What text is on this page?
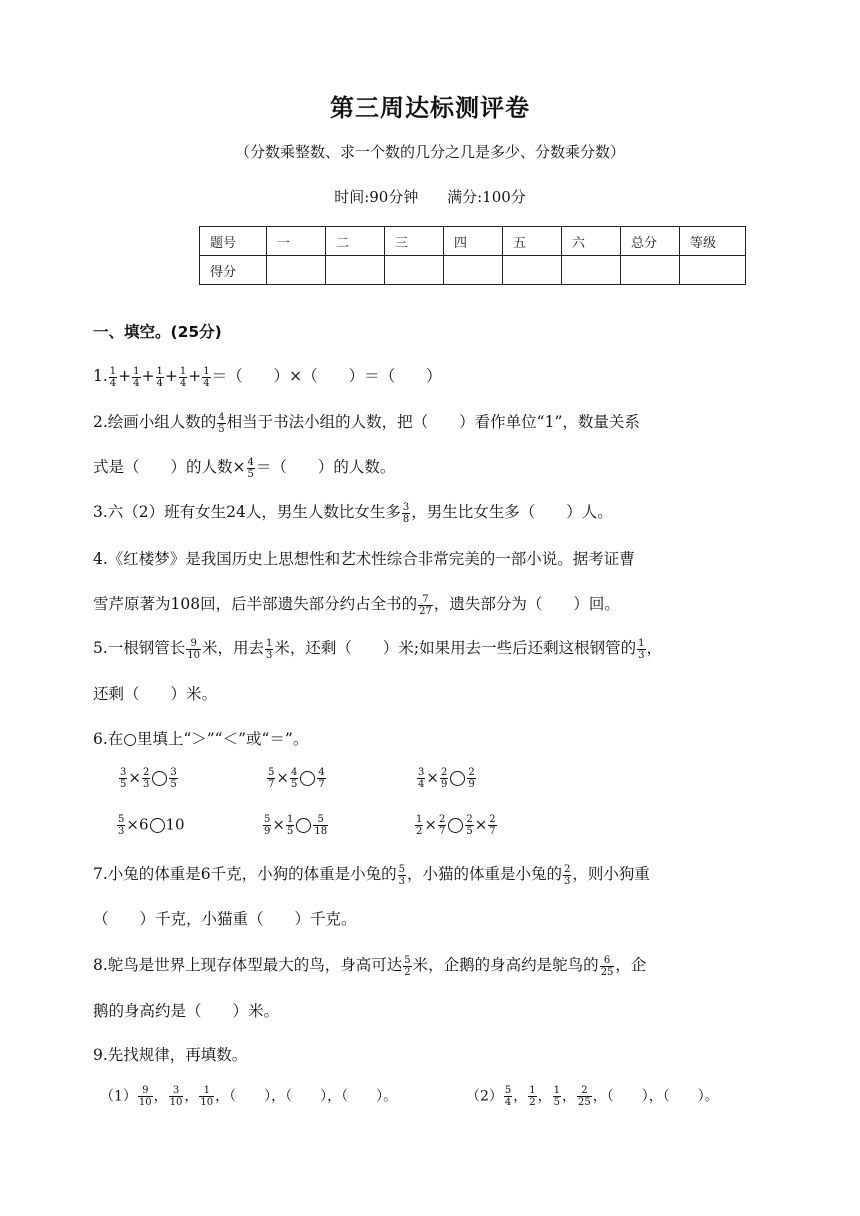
第三周达标测评卷
（分数乘整数、求一个数的几分之几是多少、分数乘分数）
时间:90分钟 满分:100分
题号	一	二	三	四	五	六	总分	等级
得分								
一、填空。(25分)
1. $\frac{1}{4} + \frac{1}{4} + \frac{1}{4} + \frac{1}{4} + \frac{1}{4}$ ＝（　　）×（　　）＝（　　）
2.绘画小组人数的 $\frac{4}{5}$ 相当于书法小组的人数，把（　　）看作单位“1”，数量关系
式是（　　）的人数× $\frac{4}{5}$ ＝（　　）的人数。
3.六（2）班有女生24人，男生人数比女生多 $\frac{3}{8}$ ，男生比女生多（　　）人。
4.《红楼梦》是我国历史上思想性和艺术性综合非常完美的一部小说。据考证曹
雪芹原著为108回，后半部遗失部分约占全书的 $\frac{7}{27}$ ，遗失部分为（　　）回。
5.一根钢管长 $\frac{9}{10}$ 米，用去 $\frac{1}{3}$ 米，还剩（　　）米;如果用去一些后还剩这根钢管的 $\frac{1}{3}$ ，
还剩（　　）米。
6.在○里填上“＞”“＜”或“＝”。
$\frac{3}{5} \times \frac{2}{3} \frac{3}{5}$	$\frac{5}{7} \times \frac{4}{5} \frac{4}{7}$	$\frac{3}{4} \times \frac{2}{9} \frac{2}{9}$
$\frac{5}{3} \times 6$ 10	$\frac{5}{9} \times \frac{1}{5} \frac{5}{18}$	$\frac{1}{2} \times \frac{2}{7} \frac{2}{5} \times \frac{2}{7}$
7.小兔的体重是6千克，小狗的体重是小兔的 $\frac{5}{3}$ ，小猫的体重是小兔的 $\frac{2}{3}$ ，则小狗重
（　　）千克，小猫重（　　）千克。
8.鸵鸟是世界上现存体型最大的鸟，身高可达 $\frac{5}{2}$ 米，企鹅的身高约是鸵鸟的 $\frac{6}{25}$ ，企
鹅的身高约是（　　）米。
9.先找规律，再填数。
$(1) \frac{9}{10}$ ， $\frac{3}{10}$ ， $\frac{1}{10}$ ，（　　），（　　），（　　）。	$(2) \frac{5}{4}$ ， $\frac{1}{2}$ ， $\frac{1}{5}$ ， $\frac{2}{25}$ ，（　　），（　　）。
